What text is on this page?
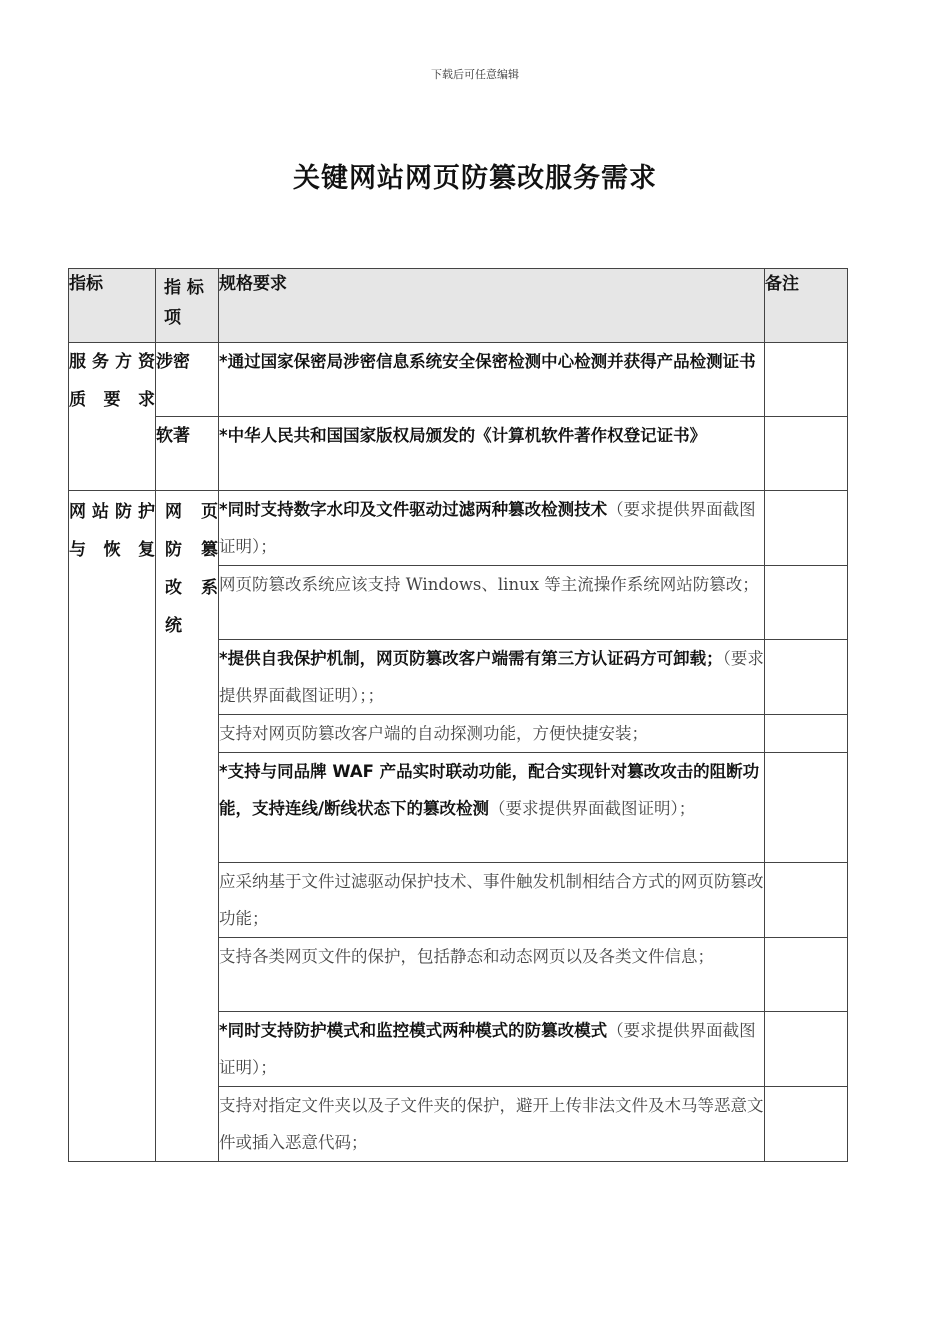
下载后可任意编辑
关键网站网页防篡改服务需求
指标	指 标 项	规格要求	备注

服 务 方 资 质 要 求	涉密	*通过国家保密局涉密信息系统安全保密检测中心检测并获得产品检测证书	
	软著	*中华人民共和国国家版权局颁发的《计算机软件著作权登记证书》	

网 站 防 护 与 恢 复	网 页 防 篡 改 系 统	*同时支持数字水印及文件驱动过滤两种篡改检测技术（要求提供界面截图证明）；	
		网页防篡改系统应该支持 Windows、linux 等主流操作系统网站防篡改；	
		*提供自我保护机制，网页防篡改客户端需有第三方认证码方可卸载；（要求提供界面截图证明）；；	
		支持对网页防篡改客户端的自动探测功能，方便快捷安装；	
		*支持与同品牌 WAF 产品实时联动功能，配合实现针对篡改攻击的阻断功能，支持连线/断线状态下的篡改检测（要求提供界面截图证明）；	
		应采纳基于文件过滤驱动保护技术、事件触发机制相结合方式的网页防篡改功能；	
		支持各类网页文件的保护，包括静态和动态网页以及各类文件信息；	
		*同时支持防护模式和监控模式两种模式的防篡改模式（要求提供界面截图证明）；	
		支持对指定文件夹以及子文件夹的保护，避开上传非法文件及木马等恶意文件或插入恶意代码；	
